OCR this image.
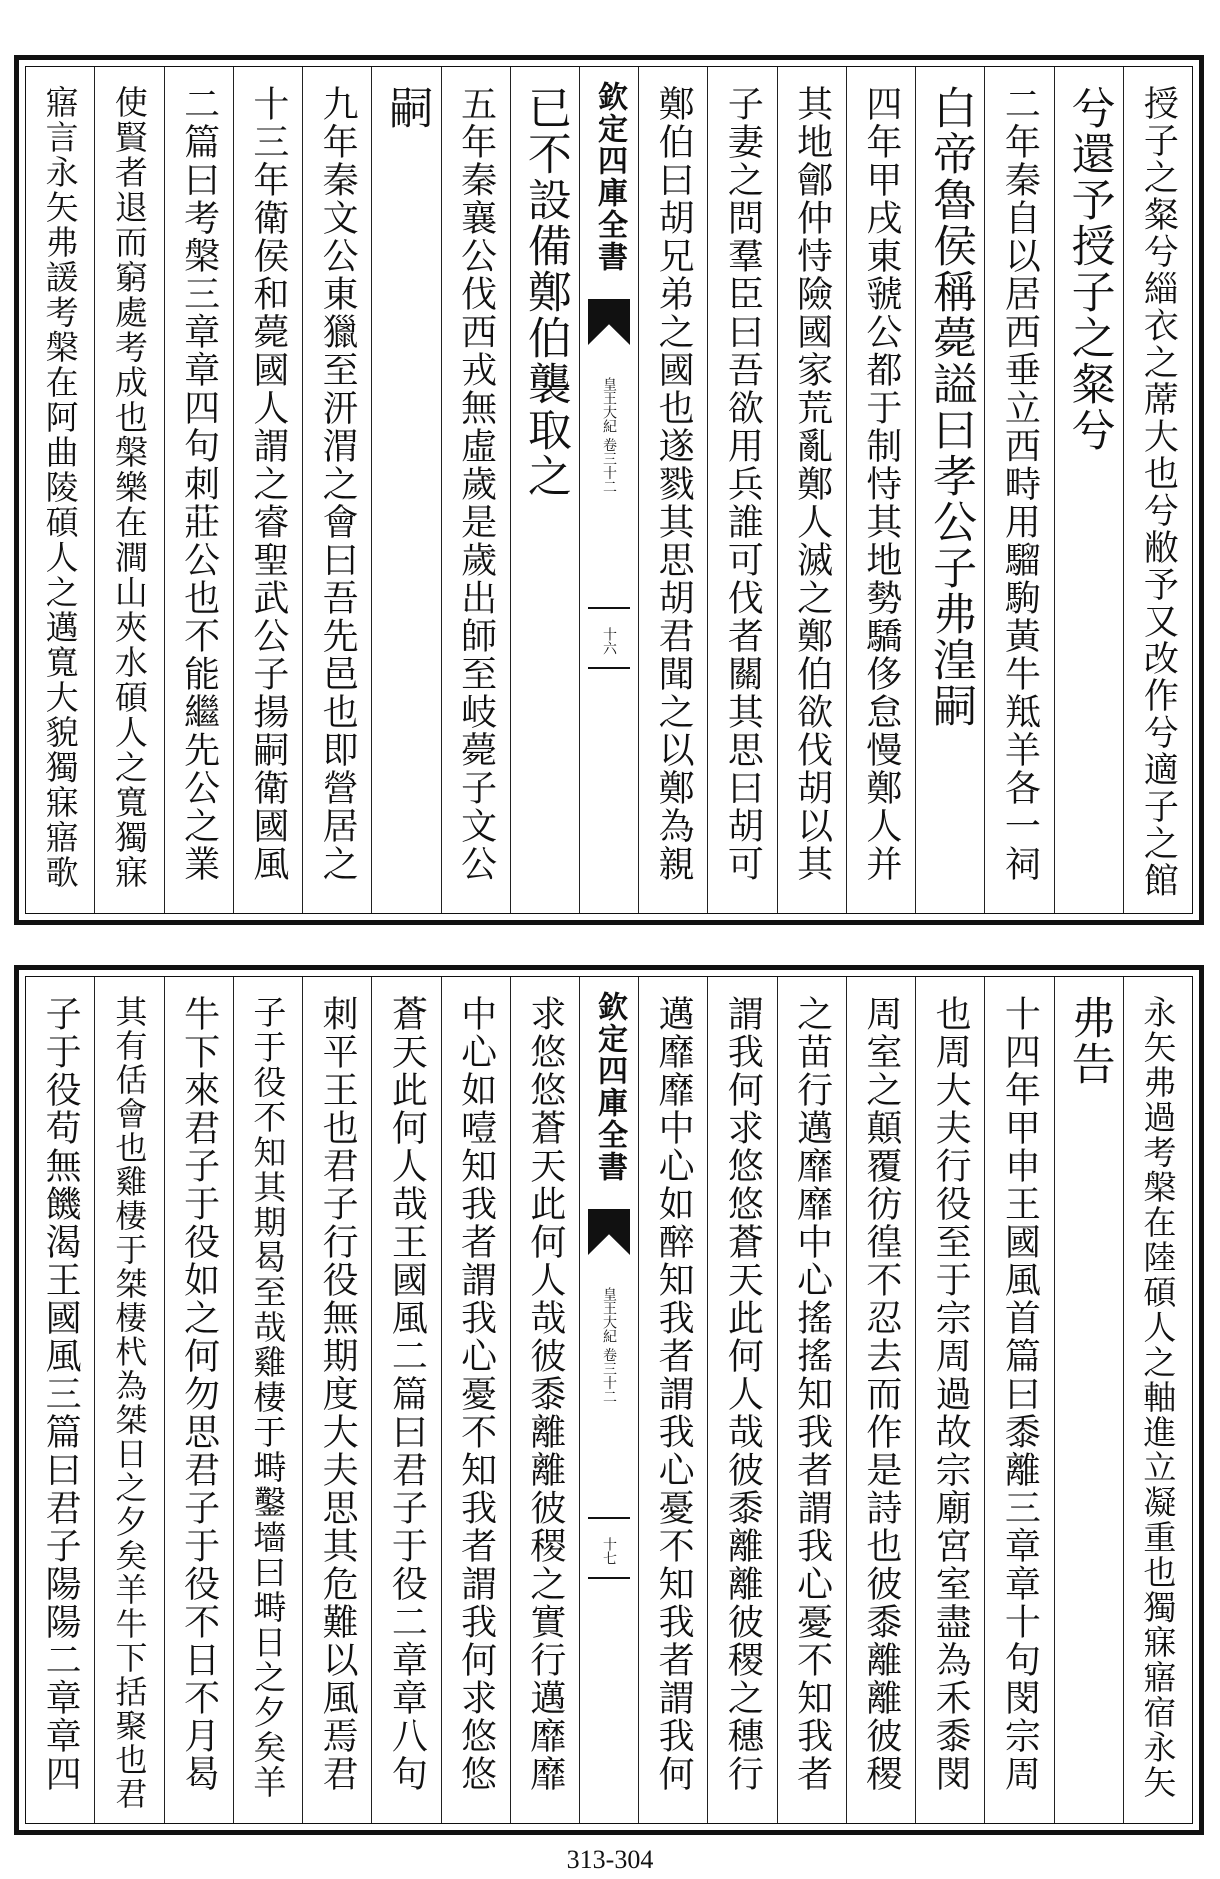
授子之粲兮緇衣之蓆大也兮敝予又改作兮適子之館
兮還予授子之粲兮
二年秦自以居西垂立西畤用騮駒黃牛羝羊各一祠
白帝魯侯稱薨謚曰孝公子弗湟嗣
四年甲戌東虢公都于制恃其地勢驕侈怠慢鄭人并
其地鄶仲恃險國家荒亂鄭人滅之鄭伯欲伐胡以其
子妻之問羣臣曰吾欲用兵誰可伐者關其思曰胡可
鄭伯曰胡兄弟之國也遂戮其思胡君聞之以鄭為親
欽定四庫全書
皇王大紀 卷三十二
十六
已不設備鄭伯襲取之
五年秦襄公伐西戎無虛歲是歲出師至岐薨子文公
嗣
九年秦文公東獵至汧渭之會曰吾先邑也即營居之
十三年衛侯和薨國人謂之睿聖武公子揚嗣衛國風
二篇曰考槃三章章四句刺莊公也不能繼先公之業
使賢者退而窮處考成也槃樂在澗山夾水碩人之寬獨寐
寤言永矢弗諼考槃在阿曲陵碩人之邁寬大貌獨寐寤歌
永矢弗過考槃在陸碩人之軸進立凝重也獨寐寤宿永矢
弗告
十四年甲申王國風首篇曰黍離三章章十句閔宗周
也周大夫行役至于宗周過故宗廟宮室盡為禾黍閔
周室之顛覆彷徨不忍去而作是詩也彼黍離離彼稷
之苗行邁靡靡中心搖搖知我者謂我心憂不知我者
謂我何求悠悠蒼天此何人哉彼黍離離彼稷之穗行
邁靡靡中心如醉知我者謂我心憂不知我者謂我何
欽定四庫全書
皇王大紀 卷三十二
十七
求悠悠蒼天此何人哉彼黍離離彼稷之實行邁靡靡
中心如噎知我者謂我心憂不知我者謂我何求悠悠
蒼天此何人哉王國風二篇曰君子于役二章章八句
刺平王也君子行役無期度大夫思其危難以風焉君
子于役不知其期曷至哉雞棲于塒鑿墻曰塒日之夕矣羊
牛下來君子于役如之何勿思君子于役不日不月曷
其有佸會也雞棲于桀棲杙為桀日之夕矣羊牛下括聚也君
子于役苟無饑渴王國風三篇曰君子陽陽二章章四
313-304
